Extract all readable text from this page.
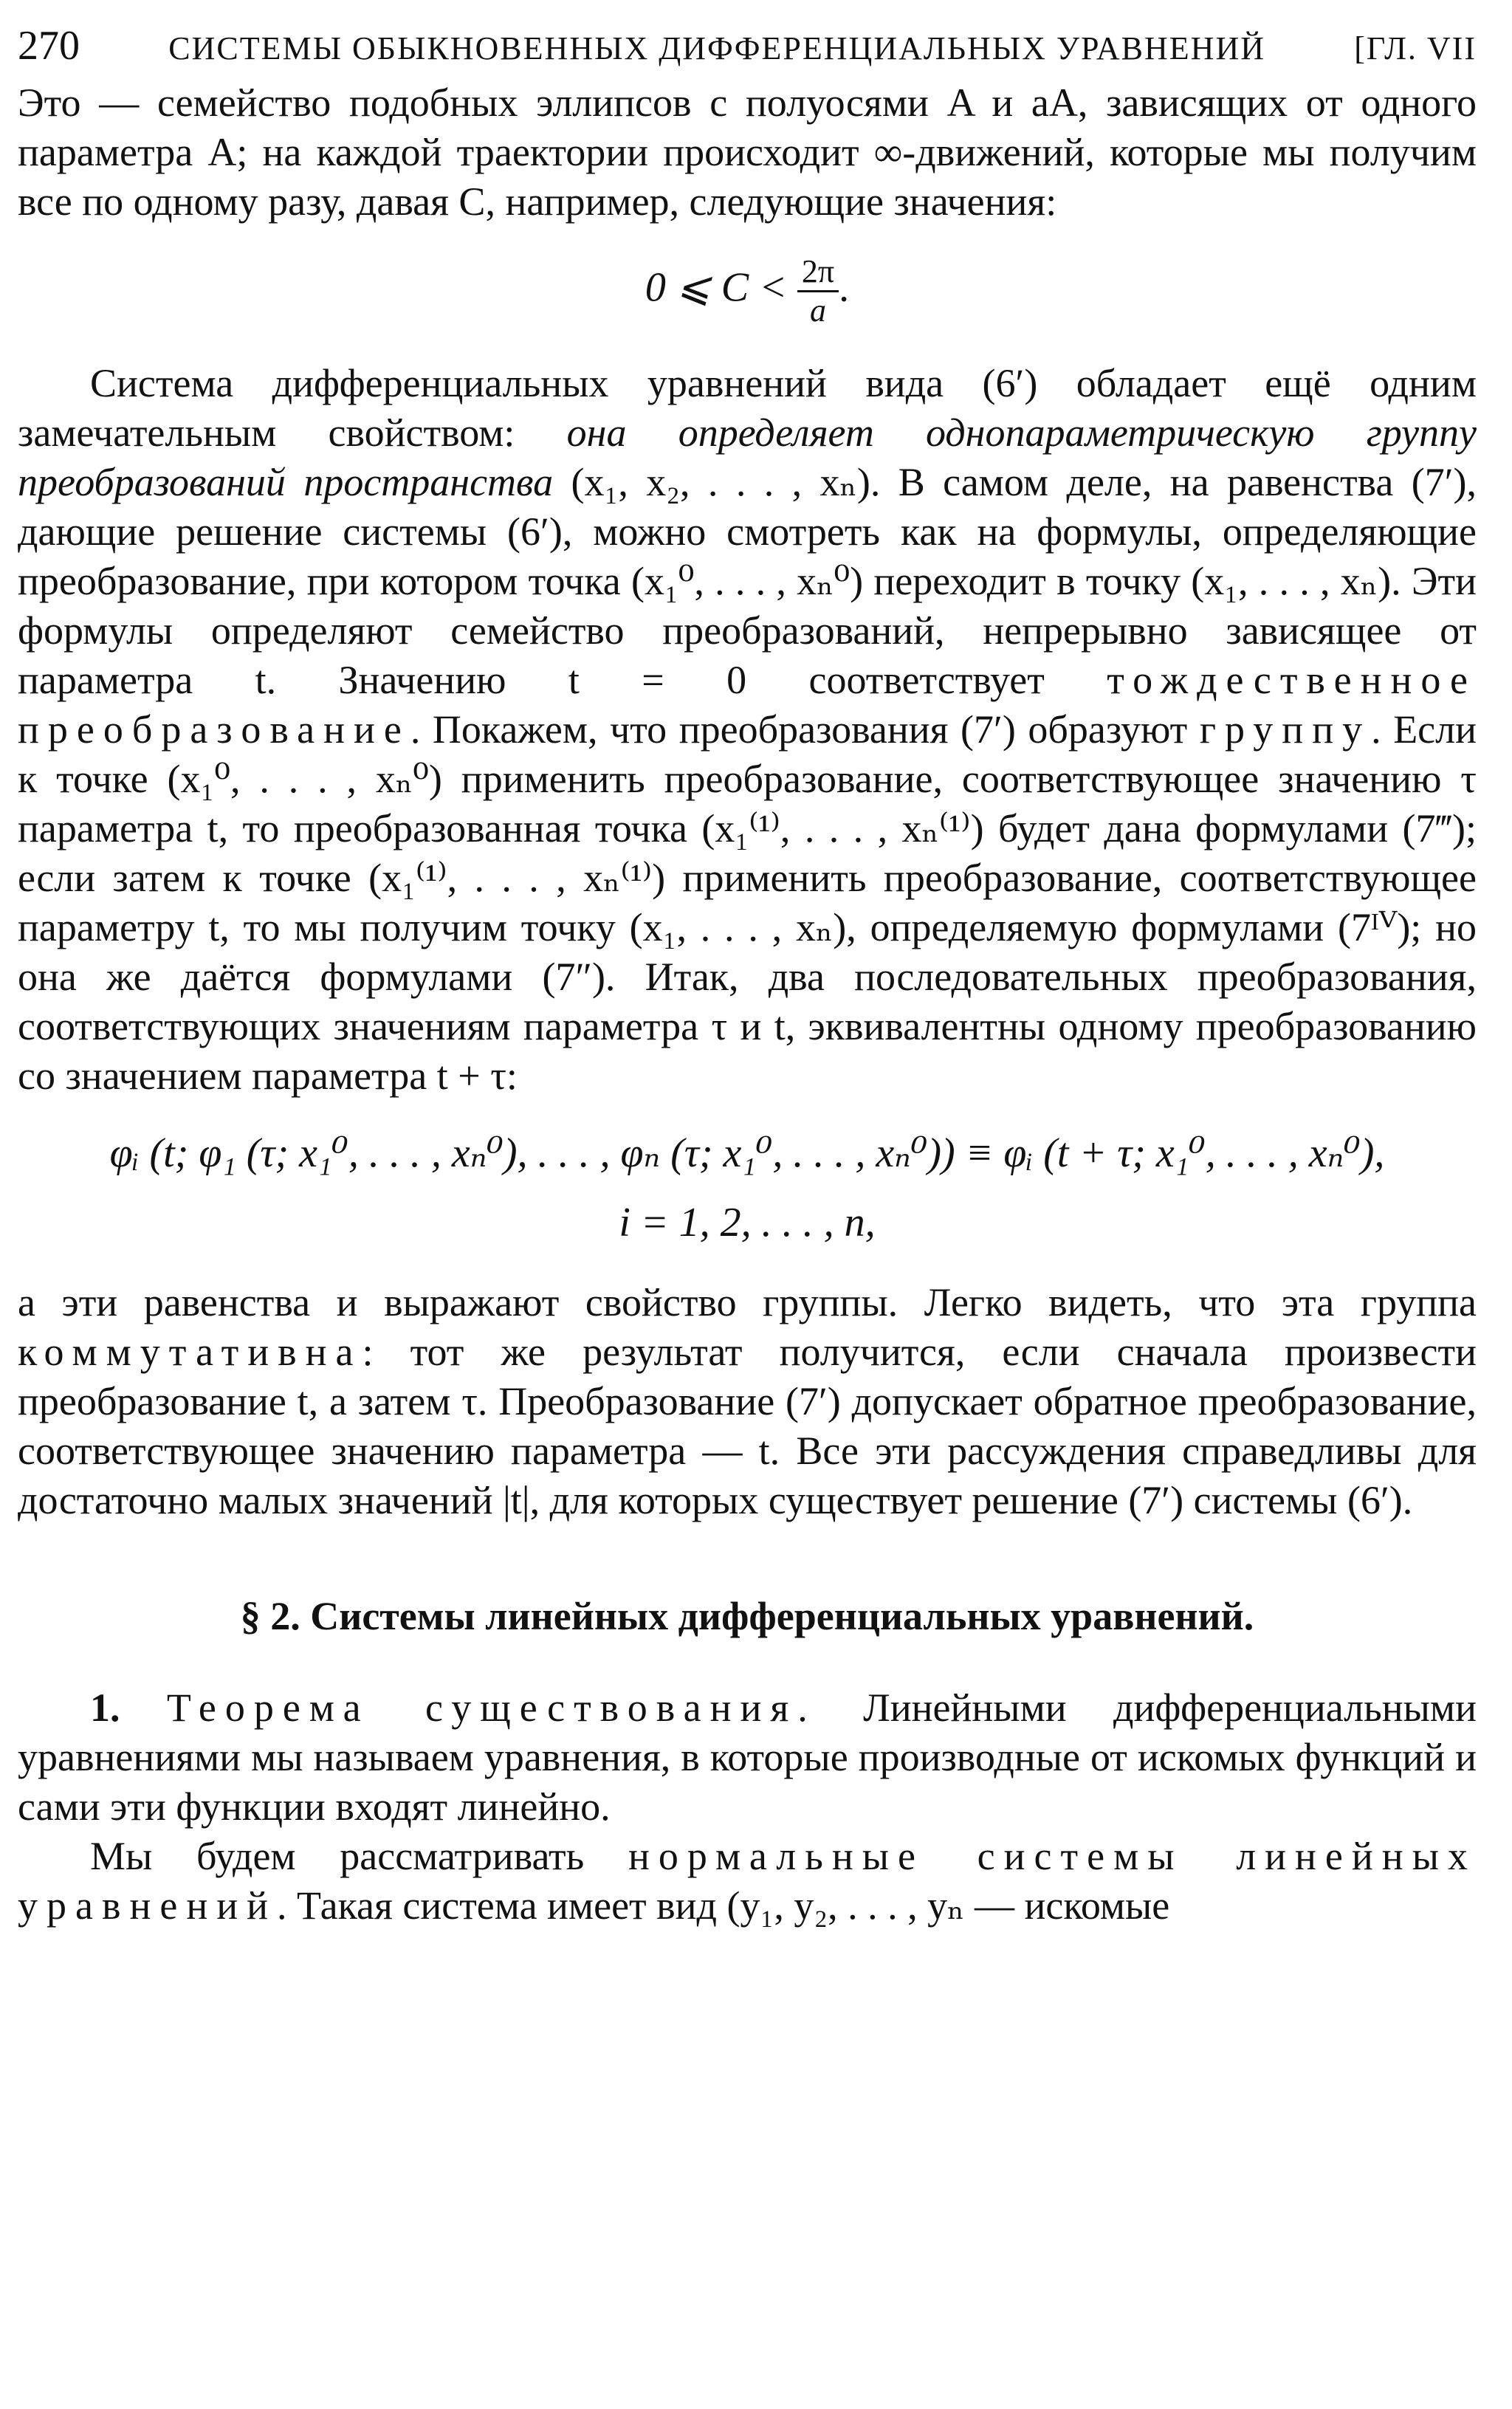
270	СИСТЕМЫ ОБЫКНОВЕННЫХ ДИФФЕРЕНЦИАЛЬНЫХ УРАВНЕНИЙ	[ГЛ. VII

Это — семейство подобных эллипсов с полуосями A и aA, зависящих от одного параметра A; на каждой траектории происходит ∞-движений, которые мы получим все по одному разу, давая C, например, следующие значения:

0 ⩽ $C < \frac{2\pi}{a}$ .

Система дифференциальных уравнений вида (6′) обладает ещё одним замечательным свойством: она определяет однопараметрическую группу преобразований пространства (x₁, x₂, . . . , xₙ). В самом деле, на равенства (7′), дающие решение системы (6′), можно смотреть как на формулы, определяющие преобразование, при котором точка (x₁⁰, . . . , xₙ⁰) переходит в точку (x₁, . . . , xₙ). Эти формулы определяют семейство преобразований, непрерывно зависящее от параметра t. Значению t = 0 соответствует тождественное преобразование. Покажем, что преобразования (7′) образуют группу. Если к точке (x₁⁰, . . . , xₙ⁰) применить преобразование, соответствующее значению τ параметра t, то преобразованная точка (x₁⁽¹⁾, . . . , xₙ⁽¹⁾) будет дана формулами (7‴); если затем к точке (x₁⁽¹⁾, . . . , xₙ⁽¹⁾) применить преобразование, соответствующее параметру t, то мы получим точку (x₁, . . . , xₙ), определяемую формулами (7ᴵⱽ); но она же даётся формулами (7″). Итак, два последовательных преобразования, соответствующих значениям параметра τ и t, эквивалентны одному преобразованию со значением параметра t + τ:

φᵢ (t; φ₁ (τ; x₁⁰, . . . , xₙ⁰), . . . , φₙ (τ; x₁⁰, . . . , xₙ⁰)) ≡ φᵢ (t + τ; x₁⁰, . . . , xₙ⁰),

i = 1, 2, . . . , n,

а эти равенства и выражают свойство группы. Легко видеть, что эта группа коммутативна: тот же результат получится, если сначала произвести преобразование t, а затем τ. Преобразование (7′) допускает обратное преобразование, соответствующее значению параметра — t. Все эти рассуждения справедливы для достаточно малых значений |t|, для которых существует решение (7′) системы (6′).

§ 2. Системы линейных дифференциальных уравнений.

1. Теорема существования. Линейными дифференциальными уравнениями мы называем уравнения, в которые производные от искомых функций и сами эти функции входят линейно.

Мы будем рассматривать нормальные системы линейных уравнений. Такая система имеет вид (y₁, y₂, . . . , yₙ — искомые
